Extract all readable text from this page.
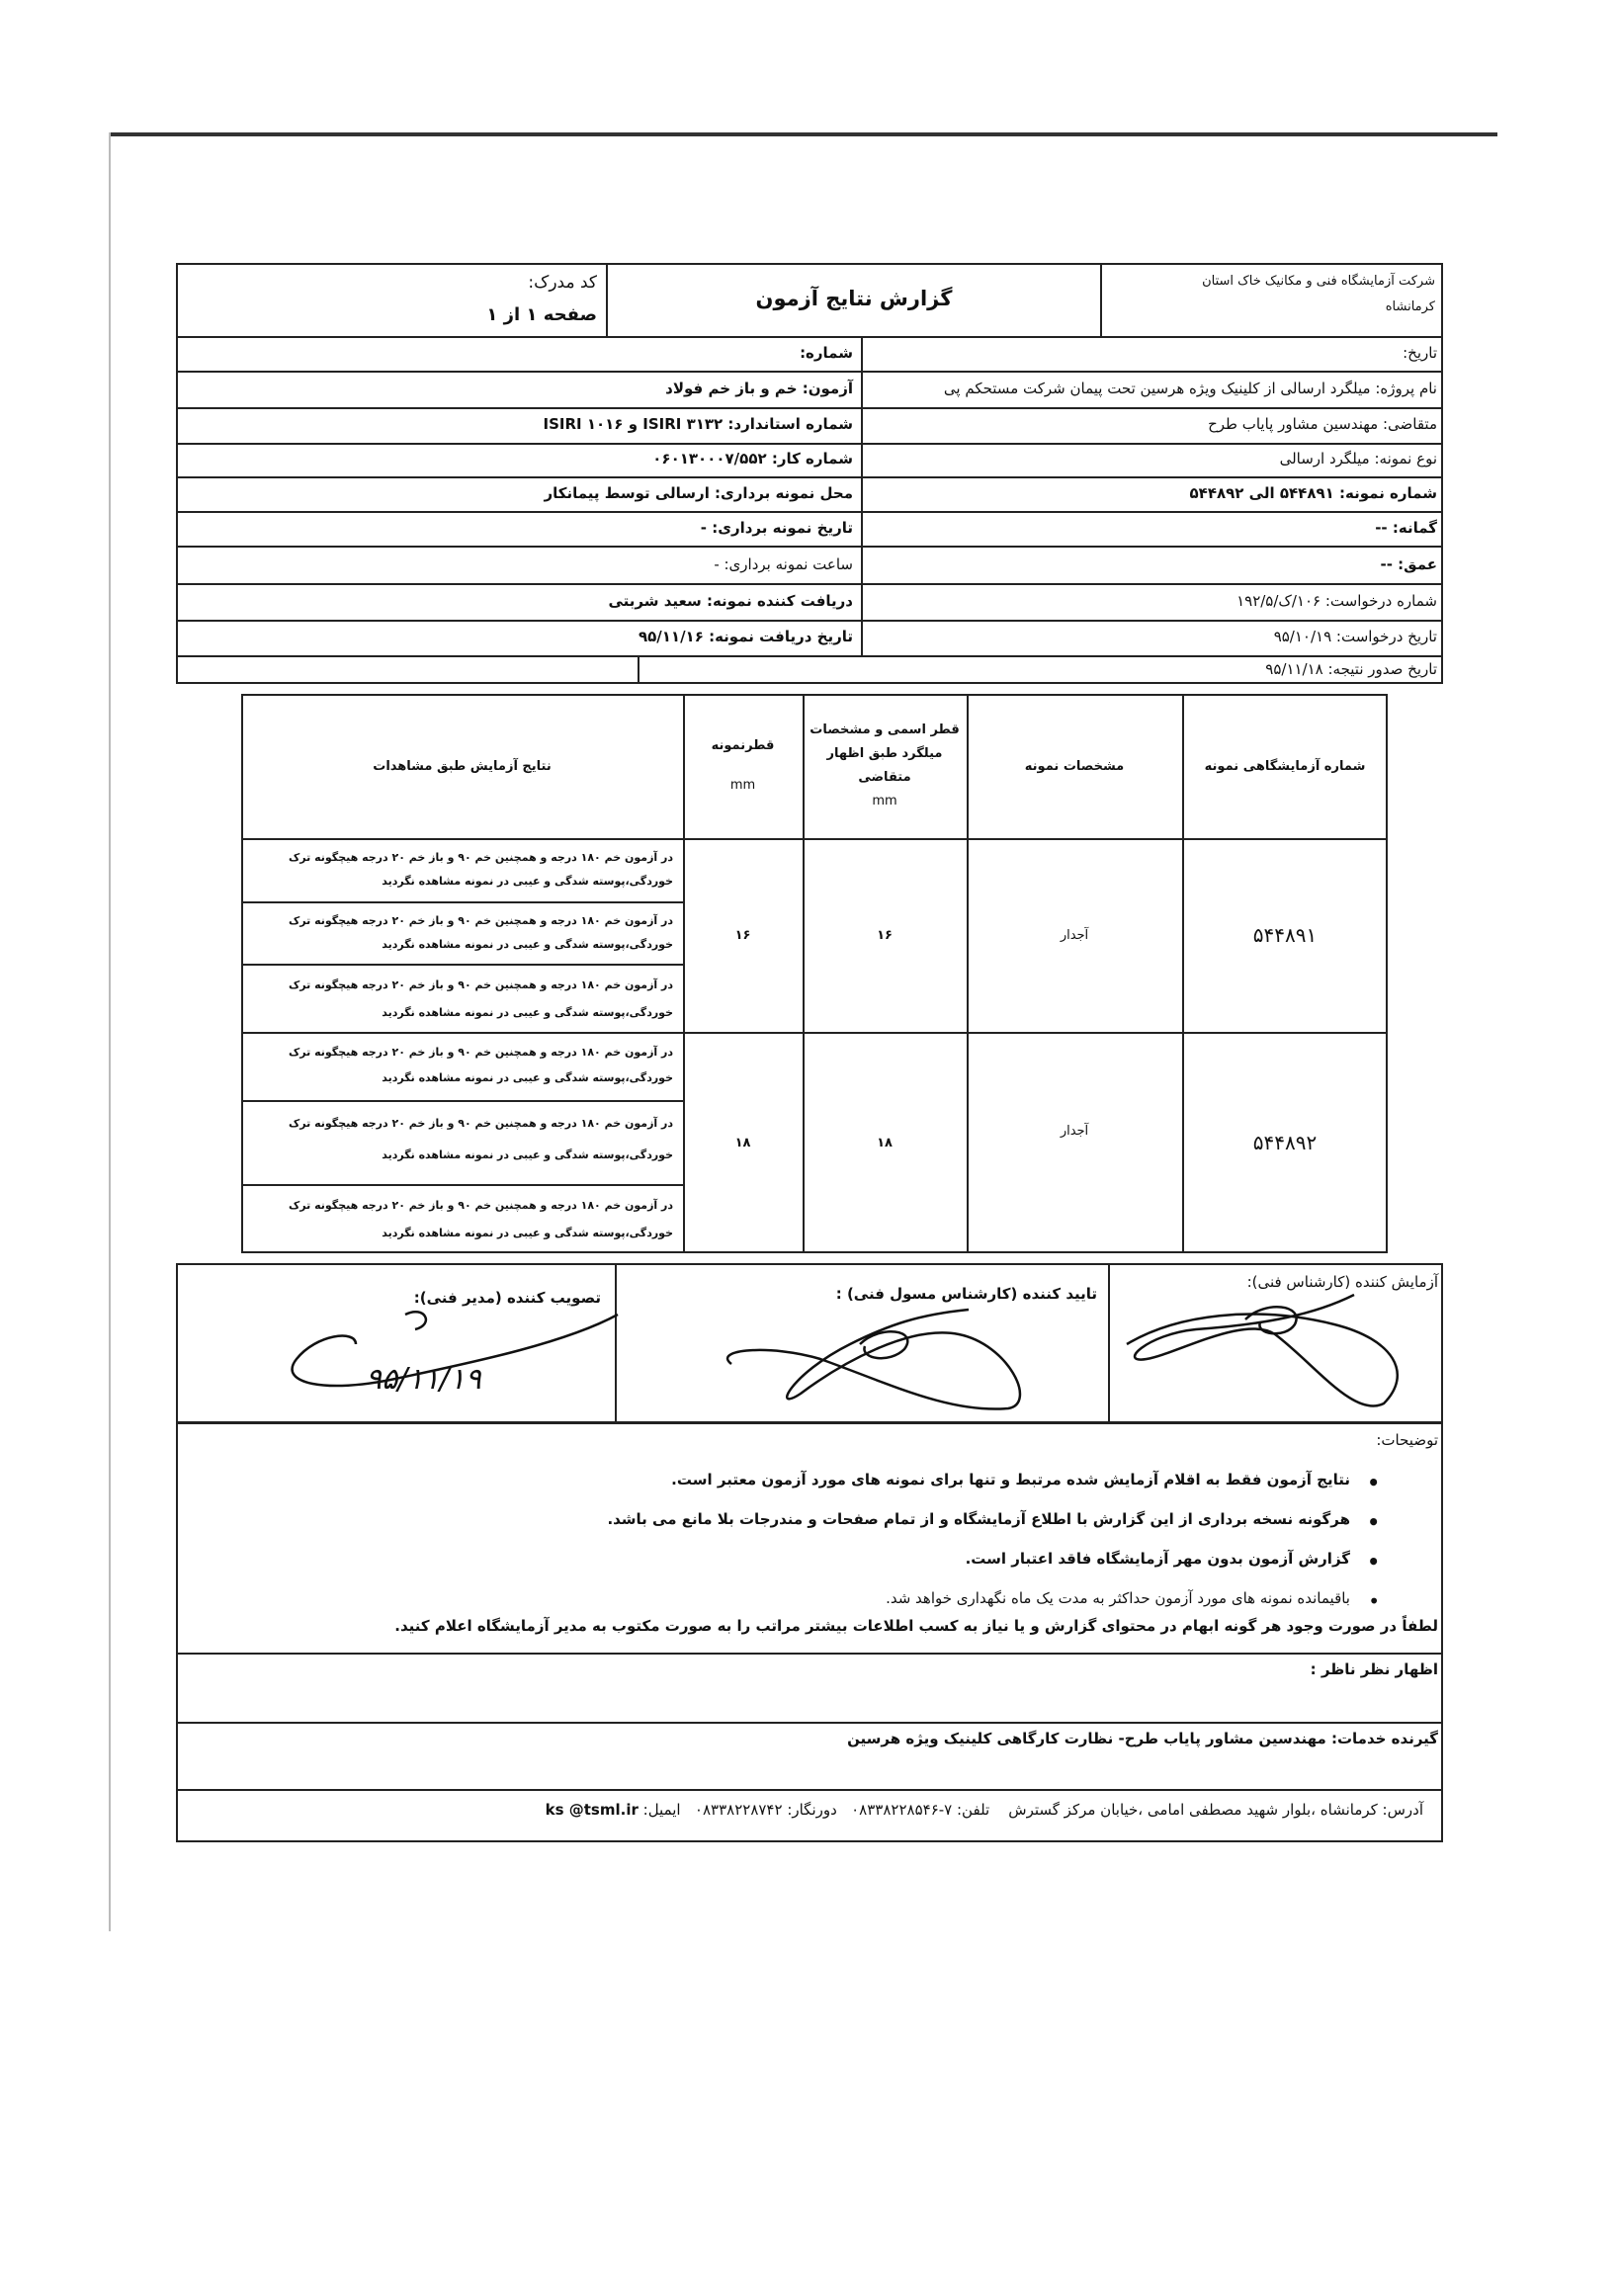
شرکت آزمایشگاه فنی و مکانیک خاک استان کرمانشاه
گزارش نتایج آزمون
کد مدرک:
صفحه ۱ از ۱
تاریخ:
نام پروژه: میلگرد ارسالی از کلینیک ویژه هرسین تحت پیمان شرکت مستحکم پی
متقاضی: مهندسین مشاور پایاب طرح
نوع نمونه: میلگرد ارسالی
شماره نمونه: ۵۴۴۸۹۱ الی ۵۴۴۸۹۲
گمانه: --
عمق: --
شماره درخواست: ۱۰۶/ک/۱۹۲/۵
تاریخ درخواست: ۹۵/۱۰/۱۹
تاریخ صدور نتیجه: ۹۵/۱۱/۱۸
شماره:
آزمون: خم و باز خم فولاد
شماره استاندارد: ISIRI ۳۱۳۲ و ISIRI ۱۰۱۶
شماره کار: ۰۶۰۱۳۰۰۰۷/۵۵۲
محل نمونه برداری: ارسالی توسط پیمانکار
تاریخ نمونه برداری: -
ساعت نمونه برداری: -
دریافت کننده نمونه: سعید شربتی
تاریخ دریافت نمونه: ۹۵/۱۱/۱۶
شماره آزمایشگاهی نمونه
مشخصات نمونه
قطر اسمی و مشخصات میلگرد طبق اظهار متقاضی
mm
قطرنمونه
mm
نتایج آزمایش طبق مشاهدات
۵۴۴۸۹۱
آجدار
۱۶
۱۶
در آزمون خم ۱۸۰ درجه و همچنین خم ۹۰ و باز خم ۲۰ درجه هیچگونه ترک خوردگی،پوسته شدگی و عیبی در نمونه مشاهده نگردید
در آزمون خم ۱۸۰ درجه و همچنین خم ۹۰ و باز خم ۲۰ درجه هیچگونه ترک خوردگی،پوسته شدگی و عیبی در نمونه مشاهده نگردید
در آزمون خم ۱۸۰ درجه و همچنین خم ۹۰ و باز خم ۲۰ درجه هیچگونه ترک خوردگی،پوسته شدگی و عیبی در نمونه مشاهده نگردید
۵۴۴۸۹۲
آجدار
۱۸
۱۸
در آزمون خم ۱۸۰ درجه و همچنین خم ۹۰ و باز خم ۲۰ درجه هیچگونه ترک خوردگی،پوسته شدگی و عیبی در نمونه مشاهده نگردید
در آزمون خم ۱۸۰ درجه و همچنین خم ۹۰ و باز خم ۲۰ درجه هیچگونه ترک خوردگی،پوسته شدگی و عیبی در نمونه مشاهده نگردید
در آزمون خم ۱۸۰ درجه و همچنین خم ۹۰ و باز خم ۲۰ درجه هیچگونه ترک خوردگی،پوسته شدگی و عیبی در نمونه مشاهده نگردید
آزمایش کننده (کارشناس فنی):
تایید کننده (کارشناس مسول فنی) :
تصویب کننده (مدیر فنی):
۹۵/۱۱/۱۹
توضیحات:
• نتایج آزمون فقط به اقلام آزمایش شده مرتبط و تنها برای نمونه های مورد آزمون معتبر است.
• هرگونه نسخه برداری از این گزارش با اطلاع آزمایشگاه و از تمام صفحات و مندرجات بلا مانع می باشد.
• گزارش آزمون بدون مهر آزمایشگاه فاقد اعتبار است.
• باقیمانده نمونه های مورد آزمون حداکثر به مدت یک ماه نگهداری خواهد شد.
لطفاً در صورت وجود هر گونه ابهام در محتوای گزارش و یا نیاز به کسب اطلاعات بیشتر مراتب را به صورت مکتوب به مدیر آزمایشگاه اعلام کنید.
اظهار نظر ناظر :
گیرنده خدمات: مهندسین مشاور پایاب طرح- نظارت کارگاهی کلینیک ویژه هرسین
آدرس: کرمانشاه ،بلوار شهید مصطفی امامی ،خیابان مرکز گسترش    تلفن: ۷-۰۸۳۳۸۲۲۸۵۴۶   دورنگار: ۰۸۳۳۸۲۲۸۷۴۲   ایمیل: ks @tsml.ir
